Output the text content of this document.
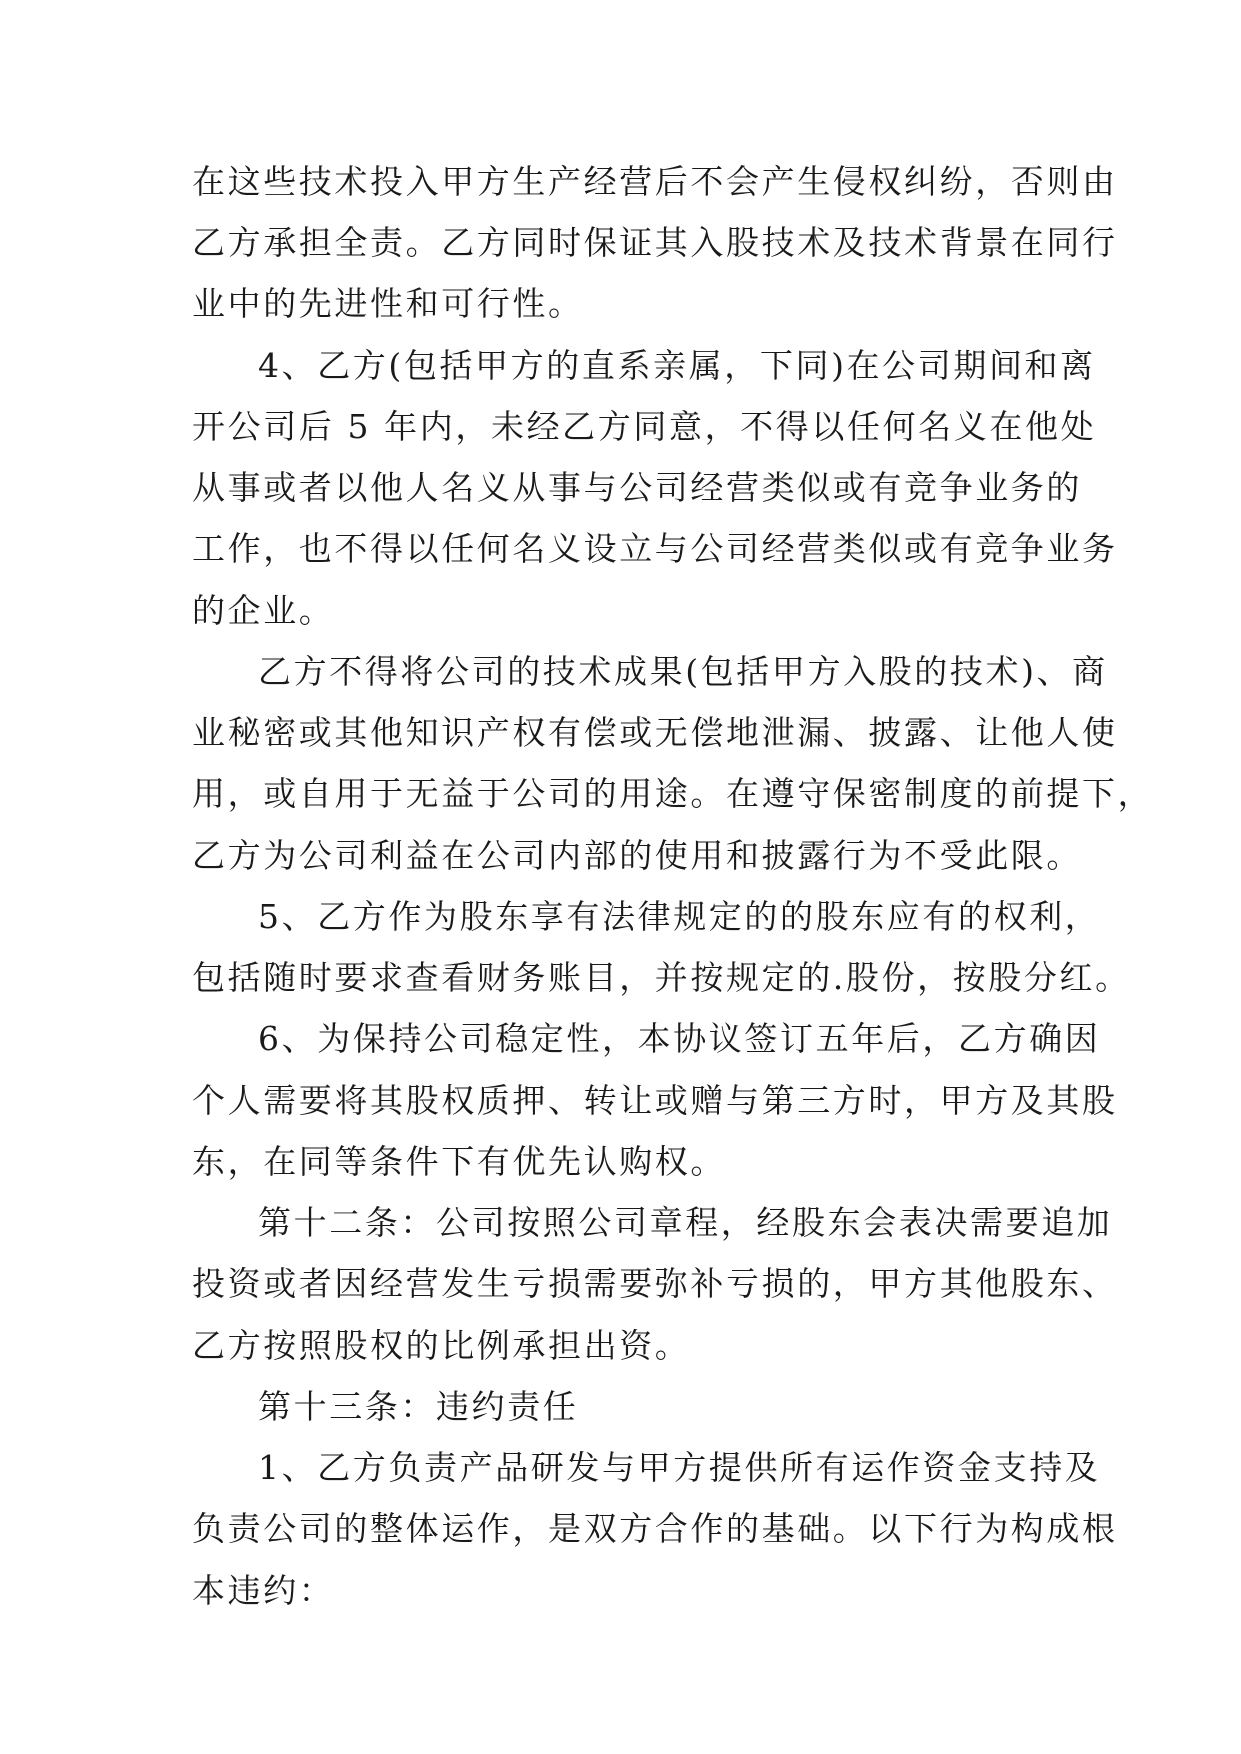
在这些技术投入甲方生产经营后不会产生侵权纠纷，否则由
乙方承担全责。乙方同时保证其入股技术及技术背景在同行
业中的先进性和可行性。
4、乙方(包括甲方的直系亲属，下同)在公司期间和离
开公司后 5 年内，未经乙方同意，不得以任何名义在他处
从事或者以他人名义从事与公司经营类似或有竞争业务的
工作，也不得以任何名义设立与公司经营类似或有竞争业务
的企业。
乙方不得将公司的技术成果(包括甲方入股的技术)、商
业秘密或其他知识产权有偿或无偿地泄漏、披露、让他人使
用，或自用于无益于公司的用途。在遵守保密制度的前提下，
乙方为公司利益在公司内部的使用和披露行为不受此限。
5、乙方作为股东享有法律规定的的股东应有的权利，
包括随时要求查看财务账目，并按规定的.股份，按股分红。
6、为保持公司稳定性，本协议签订五年后，乙方确因
个人需要将其股权质押、转让或赠与第三方时，甲方及其股
东，在同等条件下有优先认购权。
第十二条：公司按照公司章程，经股东会表决需要追加
投资或者因经营发生亏损需要弥补亏损的，甲方其他股东、
乙方按照股权的比例承担出资。
第十三条：违约责任
1、乙方负责产品研发与甲方提供所有运作资金支持及
负责公司的整体运作，是双方合作的基础。以下行为构成根
本违约：
